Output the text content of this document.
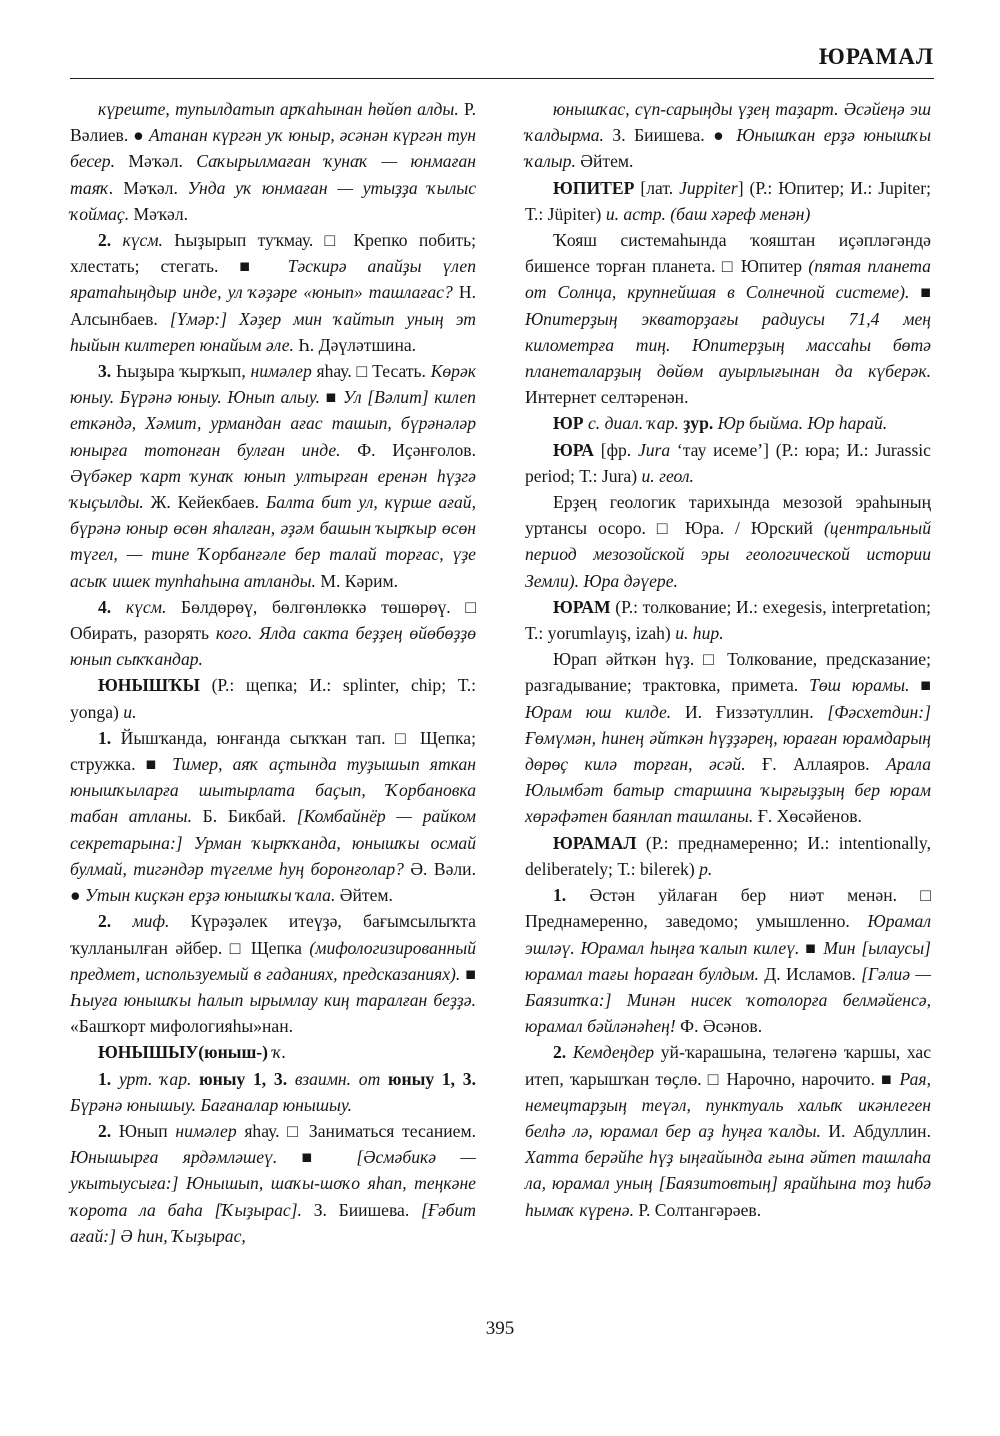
ЮРАМАЛ

күреште, тупылдатып арҡаһынан һөйөп алды. Р. Вәлиев. ● Атанан күргән уҡ юныр, әсәнән күргән тун бесер. Мәҡәл. Саҡырылмаған ҡунаҡ — юнмаған таяҡ. Мәҡәл. Унда уҡ юнмаған — утыҙҙа ҡылыс ҡоймаҫ. Мәҡәл.

2. күсм. Һыҙырып туҡмау. □ Крепко побить; хлестать; стегать. ■ Тәскирә апайҙы үлеп яратаһыңдыр инде, ул ҡәҙәре «юнып» ташлағас? Н. Алсынбаев. [Үмәр:] Хәҙер мин ҡайтып уның эт һыйын килтереп юнайым әле. Һ. Дәүләтшина.

3. Һыҙыра ҡырҡып, нимәлер яһау. □ Тесать. Көрәк юныу. Бүрәнә юныу. Юнып алыу. ■ Ул [Вәлит] килеп еткәндә, Хәмит, урмандан ағас ташып, бүрәнәләр юнырға тотонған булған инде. Ф. Иҫәнғолов. Әүбәкер ҡарт ҡунаҡ юнып ултырған еренән һүҙгә ҡыҫылды. Ж. Кейекбаев. Балта бит ул, күрше ағай, бүрәнә юныр өсөн яһалған, әҙәм башын ҡырҡыр өсөн түгел, — тине Ҡорбанғәле бер талай торғас, үҙе асыҡ ишек тупһаһына атланды. М. Кәрим.

4. күсм. Бөлдөрөү, бөлгөнлөккә төшөрөү. □ Обирать, разорять кого. Ялда сакта беҙҙең өйөбөҙҙө юнып сыҡҡандар.

ЮНЫШҠЫ (Р.: щепка; И.: splinter, chip; Т.: yonga) и.

1. Йышҡанда, юнғанда сыҡҡан тап. □ Щепка; стружка. ■ Тимер, аяҡ аҫтында туҙышып яткан юнышҡыларға шытырлата баҫып, Ҡорбановка табан атланы. Б. Бикбай. [Комбайнёр — райком секретарына:] Урман ҡырҡҡанда, юнышҡы осмай булмай, тигәндәр түгелме һуң боронғолар? Ә. Вәли. ● Утын киҫкән ерҙә юнышҡы ҡала. Әйтем.

2. миф. Күрәҙәлек итеүҙә, бағымсылыҡта ҡулланылған әйбер. □ Щепка (мифологизированный предмет, используемый в гаданиях, предсказаниях). ■ Һыуға юнышҡы һалып ырымлау киң таралған беҙҙә. «Башҡорт мифологияһы»нан.

ЮНЫШЫУ(юныш-) ҡ.

1. урт. ҡар. юныу 1, 3. взаимн. от юныу 1, 3. Бүрәнә юнышыу. Бағаналар юнышыу.

2. Юнып нимәлер яһау. □ Заниматься тесанием. Юнышырға ярдәмләшеү. ■ [Әсмәбикә — укытыусыға:] Юнышып, шаҡы-шоҡо яһап, теңкәне ҡорота ла баһа [Ҡыҙырас]. З. Биишева. [Ғәбит ағай:] Ә һин, Ҡыҙырас,

юнышҡас, сүп-сарыңды үҙең таҙарт. Әсәйеңә эш ҡалдырма. З. Биишева. ● Юнышҡан ерҙә юнышҡы ҡалыр. Әйтем.

ЮПИТЕР [лат. Juppiter] (Р.: Юпитер; И.: Jupiter; Т.: Jüpiter) и. астр. (баш хәреф менән)

Ҡояш системаһында ҡояштан иҫәпләгәндә бишенсе торған планета. □ Юпитер (пятая планета от Солнца, крупнейшая в Солнечной системе). ■ Юпитерҙың экваторҙағы радиусы 71,4 мең километрға тиң. Юпитерҙың массаһы бөтә планеталарҙың дөйөм ауырлығынан да күберәк. Интернет селтәренән.

ЮР с. диал. ҡар. ҙур. Юр быйма. Юр һарай.

ЮРА [фр. Jura ‘тау исеме’] (Р.: юра; И.: Jurassic period; Т.: Jura) и. геол.

Ерҙең геологик тарихында мезозой эраһының уртансы осоро. □ Юра. / Юрский (центральный период мезозойской эры геологической истории Земли). Юра дәүере.

ЮРАМ (Р.: толкование; И.: exegesis, interpretation; Т.: yorumlayış, izah) и. һир.

Юрап әйткән һүҙ. □ Толкование, предсказание; разгадывание; трактовка, примета. Төш юрамы. ■ Юрам юш килде. И. Ғиззәтуллин. [Фәсхетдин:] Ғөмүмән, һинең әйткән һүҙҙәрең, юраған юрамдарың дөрөҫ килә торған, әсәй. Ғ. Аллаяров. Арала Юлымбәт батыр старшина ҡырғыҙҙың бер юрам хөрәфәтен баянлап ташланы. Ғ. Хөсәйенов.

ЮРАМАЛ (Р.: преднамеренно; И.: intentionally, deliberately; Т.: bilerek) р.

1. Әстән уйлаған бер ниәт менән. □ Преднамеренно, заведомо; умышленно. Юрамал эшләү. Юрамал һыңға ҡалып килеү. ■ Мин [ылаусы] юрамал тағы һораған булдым. Д. Исламов. [Гәлиә — Баязитҡа:] Минән нисек ҡотолорға белмәйенсә, юрамал бәйләнәһең! Ф. Әсәнов.

2. Кемдеңдер уй-ҡарашына, теләгенә ҡаршы, хас итеп, ҡарышҡан төҫлө. □ Нарочно, нарочито. ■ Рая, немецтарҙың теүәл, пунктуаль халыҡ икәнлеген белһә лә, юрамал бер аҙ һуңға ҡалды. И. Абдуллин. Хатта берәйһе һүҙ ыңғайында ғына әйтеп ташлаһа ла, юрамал уның [Баязитовтың] ярайһына тоҙ һибә һымаҡ күренә. Р. Солтангәрәев.

395
